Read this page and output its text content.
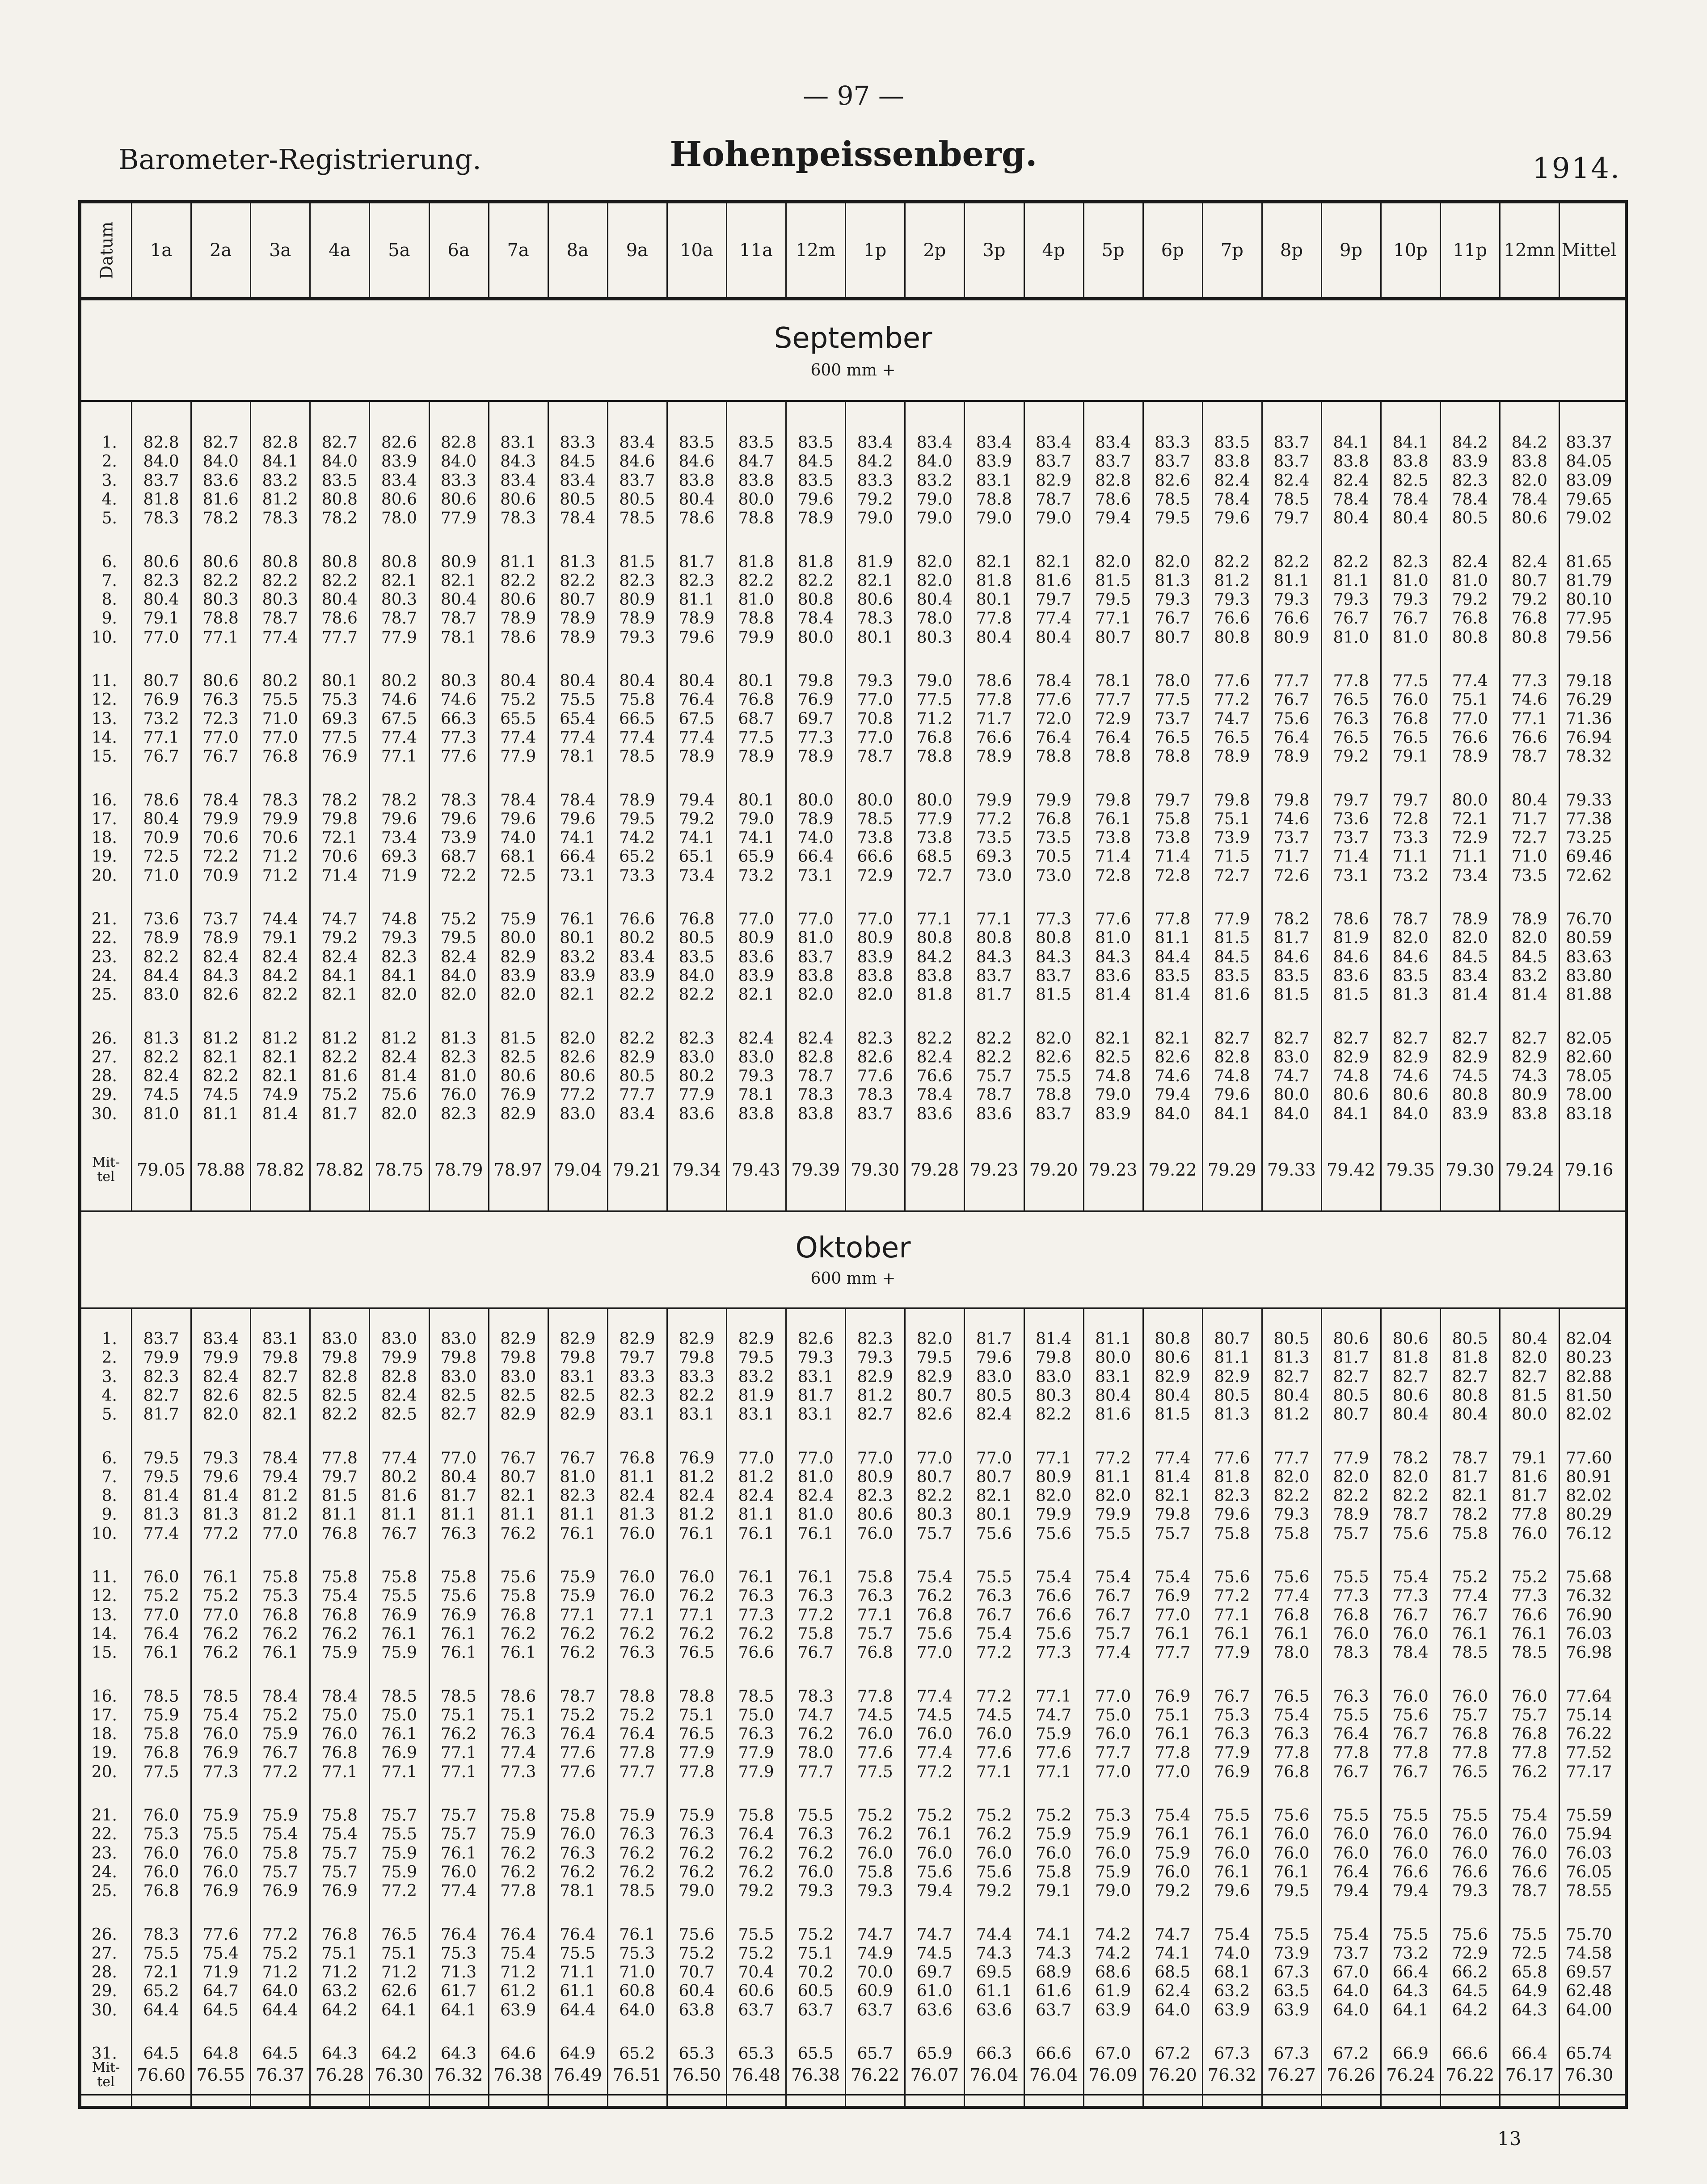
— 97 —
Barometer-Registrierung.	Hohenpeissenberg.	1914.
Datum	1a	2a	3a	4a	5a	6a	7a	8a	9a	10a	11a	12m	1p	2p	3p	4p	5p	6p	7p	8p	9p	10p	11p 12mn Mittel
September
600 mm +
1.	82.8	82.7	82.8	82.7	82.6	82.8	83.1	83.3	83.4	83.5	83.5	83.5	83.4	83.4	83.4	83.4	83.4	83.3	83.5	83.7	84.1	84.1	84.2	84.2	83.37
2.	84.0	84.0	84.1	84.0	83.9	84.0	84.3	84.5	84.6	84.6	84.7	84.5	84.2	84.0	83.9	83.7	83.7	83.7	83.8	83.7	83.8	83.8	83.9	83.8	84.05
3.	83.7	83.6	83.2	83.5	83.4	83.3	83.4	83.4	83.7	83.8	83.8	83.5	83.3	83.2	83.1	82.9	82.8	82.6	82.4	82.4	82.4	82.5	82.3	82.0	83.09
4.	81.8	81.6	81.2	80.8	80.6	80.6	80.6	80.5	80.5	80.4	80.0	79.6	79.2	79.0	78.8	78.7	78.6	78.5	78.4	78.5	78.4	78.4	78.4	78.4	79.65
5.	78.3	78.2	78.3	78.2	78.0	77.9	78.3	78.4	78.5	78.6	78.8	78.9	79.0	79.0	79.0	79.0	79.4	79.5	79.6	79.7	80.4	80.4	80.5	80.6	79.02
6.	80.6	80.6	80.8	80.8	80.8	80.9	81.1	81.3	81.5	81.7	81.8	81.8	81.9	82.0	82.1	82.1	82.0	82.0	82.2	82.2	82.2	82.3	82.4	82.4	81.65
7.	82.3	82.2	82.2	82.2	82.1	82.1	82.2	82.2	82.3	82.3	82.2	82.2	82.1	82.0	81.8	81.6	81.5	81.3	81.2	81.1	81.1	81.0	81.0	80.7	81.79
8.	80.4	80.3	80.3	80.4	80.3	80.4	80.6	80.7	80.9	81.1	81.0	80.8	80.6	80.4	80.1	79.7	79.5	79.3	79.3	79.3	79.3	79.3	79.2	79.2	80.10
9.	79.1	78.8	78.7	78.6	78.7	78.7	78.9	78.9	78.9	78.9	78.8	78.4	78.3	78.0	77.8	77.4	77.1	76.7	76.6	76.6	76.7	76.7	76.8	76.8	77.95
10.	77.0	77.1	77.4	77.7	77.9	78.1	78.6	78.9	79.3	79.6	79.9	80.0	80.1	80.3	80.4	80.4	80.7	80.7	80.8	80.9	81.0	81.0	80.8	80.8	79.56
11.	80.7	80.6	80.2	80.1	80.2	80.3	80.4	80.4	80.4	80.4	80.1	79.8	79.3	79.0	78.6	78.4	78.1	78.0	77.6	77.7	77.8	77.5	77.4	77.3	79.18
12.	76.9	76.3	75.5	75.3	74.6	74.6	75.2	75.5	75.8	76.4	76.8	76.9	77.0	77.5	77.8	77.6	77.7	77.5	77.2	76.7	76.5	76.0	75.1	74.6	76.29
13.	73.2	72.3	71.0	69.3	67.5	66.3	65.5	65.4	66.5	67.5	68.7	69.7	70.8	71.2	71.7	72.0	72.9	73.7	74.7	75.6	76.3	76.8	77.0	77.1	71.36
14.	77.1	77.0	77.0	77.5	77.4	77.3	77.4	77.4	77.4	77.4	77.5	77.3	77.0	76.8	76.6	76.4	76.4	76.5	76.5	76.4	76.5	76.5	76.6	76.6	76.94
15.	76.7	76.7	76.8	76.9	77.1	77.6	77.9	78.1	78.5	78.9	78.9	78.9	78.7	78.8	78.9	78.8	78.8	78.8	78.9	78.9	79.2	79.1	78.9	78.7	78.32
16.	78.6	78.4	78.3	78.2	78.2	78.3	78.4	78.4	78.9	79.4	80.1	80.0	80.0	80.0	79.9	79.9	79.8	79.7	79.8	79.8	79.7	79.7	80.0	80.4	79.33
17.	80.4	79.9	79.9	79.8	79.6	79.6	79.6	79.6	79.5	79.2	79.0	78.9	78.5	77.9	77.2	76.8	76.1	75.8	75.1	74.6	73.6	72.8	72.1	71.7	77.38
18.	70.9	70.6	70.6	72.1	73.4	73.9	74.0	74.1	74.2	74.1	74.1	74.0	73.8	73.8	73.5	73.5	73.8	73.8	73.9	73.7	73.7	73.3	72.9	72.7	73.25
19.	72.5	72.2	71.2	70.6	69.3	68.7	68.1	66.4	65.2	65.1	65.9	66.4	66.6	68.5	69.3	70.5	71.4	71.4	71.5	71.7	71.4	71.1	71.1	71.0	69.46
20.	71.0	70.9	71.2	71.4	71.9	72.2	72.5	73.1	73.3	73.4	73.2	73.1	72.9	72.7	73.0	73.0	72.8	72.8	72.7	72.6	73.1	73.2	73.4	73.5	72.62
21.	73.6	73.7	74.4	74.7	74.8	75.2	75.9	76.1	76.6	76.8	77.0	77.0	77.0	77.1	77.1	77.3	77.6	77.8	77.9	78.2	78.6	78.7	78.9	78.9	76.70
22.	78.9	78.9	79.1	79.2	79.3	79.5	80.0	80.1	80.2	80.5	80.9	81.0	80.9	80.8	80.8	80.8	81.0	81.1	81.5	81.7	81.9	82.0	82.0	82.0	80.59
23.	82.2	82.4	82.4	82.4	82.3	82.4	82.9	83.2	83.4	83.5	83.6	83.7	83.9	84.2	84.3	84.3	84.3	84.4	84.5	84.6	84.6	84.6	84.5	84.5	83.63
24.	84.4	84.3	84.2	84.1	84.1	84.0	83.9	83.9	83.9	84.0	83.9	83.8	83.8	83.8	83.7	83.7	83.6	83.5	83.5	83.5	83.6	83.5	83.4	83.2	83.80
25.	83.0	82.6	82.2	82.1	82.0	82.0	82.0	82.1	82.2	82.2	82.1	82.0	82.0	81.8	81.7	81.5	81.4	81.4	81.6	81.5	81.5	81.3	81.4	81.4	81.88
26.	81.3	81.2	81.2	81.2	81.2	81.3	81.5	82.0	82.2	82.3	82.4	82.4	82.3	82.2	82.2	82.0	82.1	82.1	82.7	82.7	82.7	82.7	82.7	82.7	82.05
27.	82.2	82.1	82.1	82.2	82.4	82.3	82.5	82.6	82.9	83.0	83.0	82.8	82.6	82.4	82.2	82.6	82.5	82.6	82.8	83.0	82.9	82.9	82.9	82.9	82.60
28.	82.4	82.2	82.1	81.6	81.4	81.0	80.6	80.6	80.5	80.2	79.3	78.7	77.6	76.6	75.7	75.5	74.8	74.6	74.8	74.7	74.8	74.6	74.5	74.3	78.05
29.	74.5	74.5	74.9	75.2	75.6	76.0	76.9	77.2	77.7	77.9	78.1	78.3	78.3	78.4	78.7	78.8	79.0	79.4	79.6	80.0	80.6	80.6	80.8	80.9	78.00
30.	81.0	81.1	81.4	81.7	82.0	82.3	82.9	83.0	83.4	83.6	83.8	83.8	83.7	83.6	83.6	83.7	83.9	84.0	84.1	84.0	84.1	84.0	83.9	83.8	83.18
Mit-tel	79.05 78.88 78.82 78.82 78.75 78.79 78.97 79.04 79.21 79.34 79.43 79.39 79.30 79.28 79.23 79.20 79.23 79.22 79.29 79.33 79.42 79.35 79.30 79.24 79.16
Oktober
600 mm +
1.	83.7	83.4	83.1	83.0	83.0	83.0	82.9	82.9	82.9	82.9	82.9	82.6	82.3	82.0	81.7	81.4	81.1	80.8	80.7	80.5	80.6	80.6	80.5	80.4	82.04
2.	79.9	79.9	79.8	79.8	79.9	79.8	79.8	79.8	79.7	79.8	79.5	79.3	79.3	79.5	79.6	79.8	80.0	80.6	81.1	81.3	81.7	81.8	81.8	82.0	80.23
3.	82.3	82.4	82.7	82.8	82.8	83.0	83.0	83.1	83.3	83.3	83.2	83.1	82.9	82.9	83.0	83.0	83.1	82.9	82.9	82.7	82.7	82.7	82.7	82.7	82.88
4.	82.7	82.6	82.5	82.5	82.4	82.5	82.5	82.5	82.3	82.2	81.9	81.7	81.2	80.7	80.5	80.3	80.4	80.4	80.5	80.4	80.5	80.6	80.8	81.5	81.50
5.	81.7	82.0	82.1	82.2	82.5	82.7	82.9	82.9	83.1	83.1	83.1	83.1	82.7	82.6	82.4	82.2	81.6	81.5	81.3	81.2	80.7	80.4	80.4	80.0	82.02
6.	79.5	79.3	78.4	77.8	77.4	77.0	76.7	76.7	76.8	76.9	77.0	77.0	77.0	77.0	77.0	77.1	77.2	77.4	77.6	77.7	77.9	78.2	78.7	79.1	77.60
7.	79.5	79.6	79.4	79.7	80.2	80.4	80.7	81.0	81.1	81.2	81.2	81.0	80.9	80.7	80.7	80.9	81.1	81.4	81.8	82.0	82.0	82.0	81.7	81.6	80.91
8.	81.4	81.4	81.2	81.5	81.6	81.7	82.1	82.3	82.4	82.4	82.4	82.4	82.3	82.2	82.1	82.0	82.0	82.1	82.3	82.2	82.2	82.2	82.1	81.7	82.02
9.	81.3	81.3	81.2	81.1	81.1	81.1	81.1	81.1	81.3	81.2	81.1	81.0	80.6	80.3	80.1	79.9	79.9	79.8	79.6	79.3	78.9	78.7	78.2	77.8	80.29
10.	77.4	77.2	77.0	76.8	76.7	76.3	76.2	76.1	76.0	76.1	76.1	76.1	76.0	75.7	75.6	75.6	75.5	75.7	75.8	75.8	75.7	75.6	75.8	76.0	76.12
11.	76.0	76.1	75.8	75.8	75.8	75.8	75.6	75.9	76.0	76.0	76.1	76.1	75.8	75.4	75.5	75.4	75.4	75.4	75.6	75.6	75.5	75.4	75.2	75.2	75.68
12.	75.2	75.2	75.3	75.4	75.5	75.6	75.8	75.9	76.0	76.2	76.3	76.3	76.3	76.2	76.3	76.6	76.7	76.9	77.2	77.4	77.3	77.3	77.4	77.3	76.32
13.	77.0	77.0	76.8	76.8	76.9	76.9	76.8	77.1	77.1	77.1	77.3	77.2	77.1	76.8	76.7	76.6	76.7	77.0	77.1	76.8	76.8	76.7	76.7	76.6	76.90
14.	76.4	76.2	76.2	76.2	76.1	76.1	76.2	76.2	76.2	76.2	76.2	75.8	75.7	75.6	75.4	75.6	75.7	76.1	76.1	76.1	76.0	76.0	76.1	76.1	76.03
15.	76.1	76.2	76.1	75.9	75.9	76.1	76.1	76.2	76.3	76.5	76.6	76.7	76.8	77.0	77.2	77.3	77.4	77.7	77.9	78.0	78.3	78.4	78.5	78.5	76.98
16.	78.5	78.5	78.4	78.4	78.5	78.5	78.6	78.7	78.8	78.8	78.5	78.3	77.8	77.4	77.2	77.1	77.0	76.9	76.7	76.5	76.3	76.0	76.0	76.0	77.64
17.	75.9	75.4	75.2	75.0	75.0	75.1	75.1	75.2	75.2	75.1	75.0	74.7	74.5	74.5	74.5	74.7	75.0	75.1	75.3	75.4	75.5	75.6	75.7	75.7	75.14
18.	75.8	76.0	75.9	76.0	76.1	76.2	76.3	76.4	76.4	76.5	76.3	76.2	76.0	76.0	76.0	75.9	76.0	76.1	76.3	76.3	76.4	76.7	76.8	76.8	76.22
19.	76.8	76.9	76.7	76.8	76.9	77.1	77.4	77.6	77.8	77.9	77.9	78.0	77.6	77.4	77.6	77.6	77.7	77.8	77.9	77.8	77.8	77.8	77.8	77.8	77.52
20.	77.5	77.3	77.2	77.1	77.1	77.1	77.3	77.6	77.7	77.8	77.9	77.7	77.5	77.2	77.1	77.1	77.0	77.0	76.9	76.8	76.7	76.7	76.5	76.2	77.17
21.	76.0	75.9	75.9	75.8	75.7	75.7	75.8	75.8	75.9	75.9	75.8	75.5	75.2	75.2	75.2	75.2	75.3	75.4	75.5	75.6	75.5	75.5	75.5	75.4	75.59
22.	75.3	75.5	75.4	75.4	75.5	75.7	75.9	76.0	76.3	76.3	76.4	76.3	76.2	76.1	76.2	75.9	75.9	76.1	76.1	76.0	76.0	76.0	76.0	76.0	75.94
23.	76.0	76.0	75.8	75.7	75.9	76.1	76.2	76.3	76.2	76.2	76.2	76.2	76.0	76.0	76.0	76.0	76.0	75.9	76.0	76.0	76.0	76.0	76.0	76.0	76.03
24.	76.0	76.0	75.7	75.7	75.9	76.0	76.2	76.2	76.2	76.2	76.2	76.0	75.8	75.6	75.6	75.8	75.9	76.0	76.1	76.1	76.4	76.6	76.6	76.6	76.05
25.	76.8	76.9	76.9	76.9	77.2	77.4	77.8	78.1	78.5	79.0	79.2	79.3	79.3	79.4	79.2	79.1	79.0	79.2	79.6	79.5	79.4	79.4	79.3	78.7	78.55
26.	78.3	77.6	77.2	76.8	76.5	76.4	76.4	76.4	76.1	75.6	75.5	75.2	74.7	74.7	74.4	74.1	74.2	74.7	75.4	75.5	75.4	75.5	75.6	75.5	75.70
27.	75.5	75.4	75.2	75.1	75.1	75.3	75.4	75.5	75.3	75.2	75.2	75.1	74.9	74.5	74.3	74.3	74.2	74.1	74.0	73.9	73.7	73.2	72.9	72.5	74.58
28.	72.1	71.9	71.2	71.2	71.2	71.3	71.2	71.1	71.0	70.7	70.4	70.2	70.0	69.7	69.5	68.9	68.6	68.5	68.1	67.3	67.0	66.4	66.2	65.8	69.57
29.	65.2	64.7	64.0	63.2	62.6	61.7	61.2	61.1	60.8	60.4	60.6	60.5	60.9	61.0	61.1	61.6	61.9	62.4	63.2	63.5	64.0	64.3	64.5	64.9	62.48
30.	64.4	64.5	64.4	64.2	64.1	64.1	63.9	64.4	64.0	63.8	63.7	63.7	63.7	63.6	63.6	63.7	63.9	64.0	63.9	63.9	64.0	64.1	64.2	64.3	64.00
31.	64.5	64.8	64.5	64.3	64.2	64.3	64.6	64.9	65.2	65.3	65.3	65.5	65.7	65.9	66.3	66.6	67.0	67.2	67.3	67.3	67.2	66.9	66.6	66.4	65.74
Mit-tel	76.60 76.55 76.37 76.28 76.30 76.32 76.38 76.49 76.51 76.50 76.48 76.38 76.22 76.07 76.04 76.04 76.09 76.20 76.32 76.27 76.26 76.24 76.22 76.17 76.30
13
